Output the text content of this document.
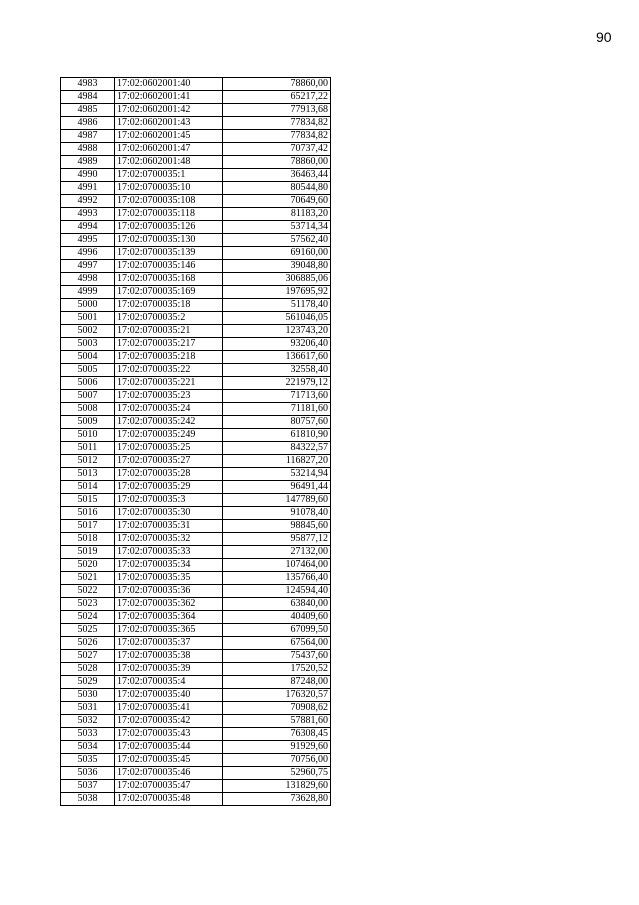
90
4983	17:02:0602001:40	78860,00
4984	17:02:0602001:41	65217,22
4985	17:02:0602001:42	77913,68
4986	17:02:0602001:43	77834,82
4987	17:02:0602001:45	77834,82
4988	17:02:0602001:47	70737,42
4989	17:02:0602001:48	78860,00
4990	17:02:0700035:1	36463,44
4991	17:02:0700035:10	80544,80
4992	17:02:0700035:108	70649,60
4993	17:02:0700035:118	81183,20
4994	17:02:0700035:126	53714,34
4995	17:02:0700035:130	57562,40
4996	17:02:0700035:139	69160,00
4997	17:02:0700035:146	39048,80
4998	17:02:0700035:168	306885,06
4999	17:02:0700035:169	197695,92
5000	17:02:0700035:18	51178,40
5001	17:02:0700035:2	561046,05
5002	17:02:0700035:21	123743,20
5003	17:02:0700035:217	93206,40
5004	17:02:0700035:218	136617,60
5005	17:02:0700035:22	32558,40
5006	17:02:0700035:221	221979,12
5007	17:02:0700035:23	71713,60
5008	17:02:0700035:24	71181,60
5009	17:02:0700035:242	80757,60
5010	17:02:0700035:249	61810,90
5011	17:02:0700035:25	84322,57
5012	17:02:0700035:27	116827,20
5013	17:02:0700035:28	53214,94
5014	17:02:0700035:29	96491,44
5015	17:02:0700035:3	147789,60
5016	17:02:0700035:30	91078,40
5017	17:02:0700035:31	98845,60
5018	17:02:0700035:32	95877,12
5019	17:02:0700035:33	27132,00
5020	17:02:0700035:34	107464,00
5021	17:02:0700035:35	135766,40
5022	17:02:0700035:36	124594,40
5023	17:02:0700035:362	63840,00
5024	17:02:0700035:364	40409,60
5025	17:02:0700035:365	67099,50
5026	17:02:0700035:37	67564,00
5027	17:02:0700035:38	75437,60
5028	17:02:0700035:39	17520,52
5029	17:02:0700035:4	87248,00
5030	17:02:0700035:40	176320,57
5031	17:02:0700035:41	70908,62
5032	17:02:0700035:42	57881,60
5033	17:02:0700035:43	76308,45
5034	17:02:0700035:44	91929,60
5035	17:02:0700035:45	70756,00
5036	17:02:0700035:46	52960,75
5037	17:02:0700035:47	131829,60
5038	17:02:0700035:48	73628,80
